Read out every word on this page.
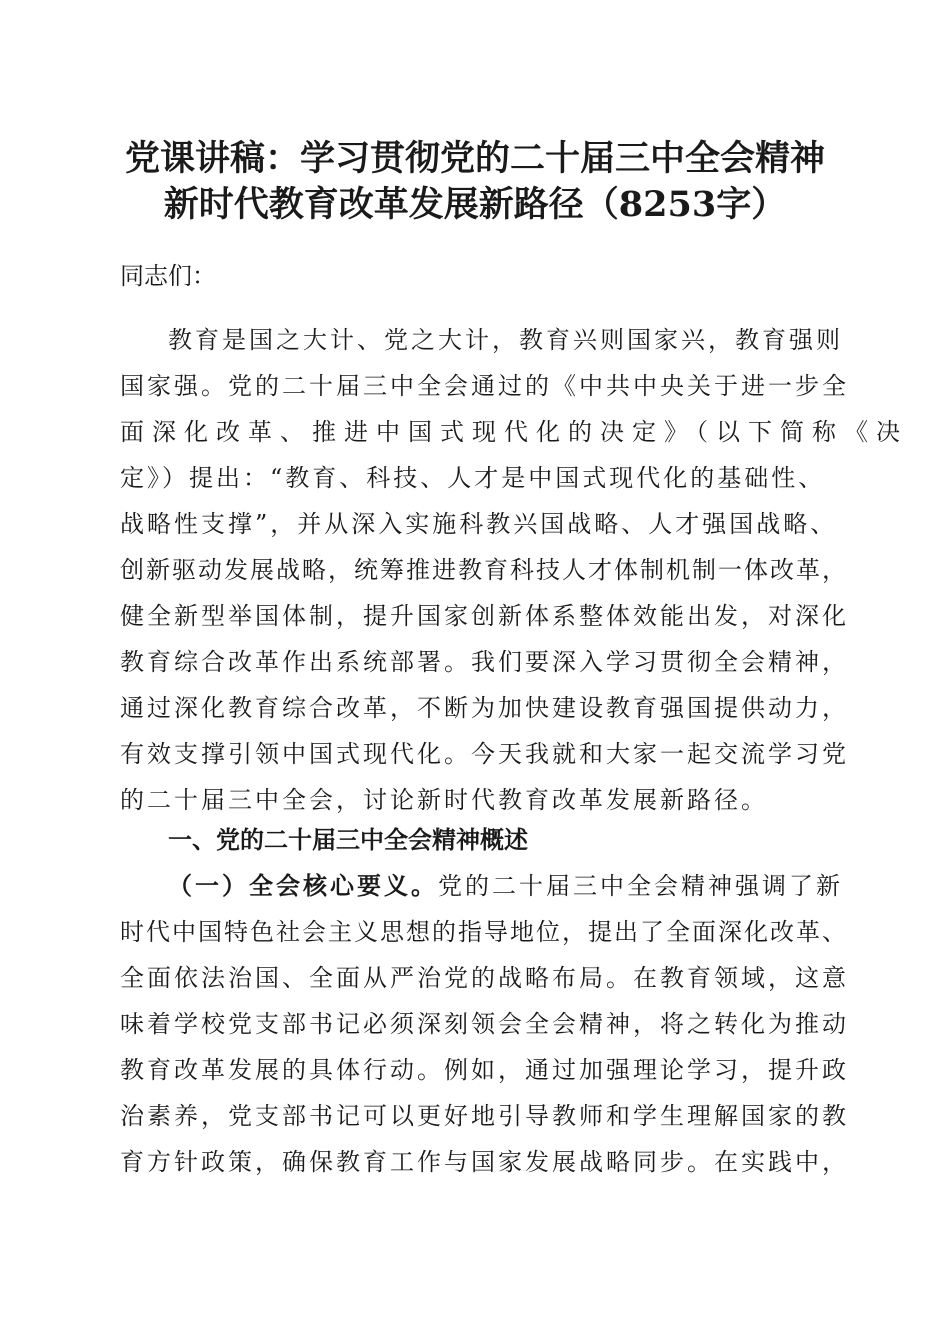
党课讲稿：学习贯彻党的二十届三中全会精神
新时代教育改革发展新路径（8253字）
同志们：
教育是国之大计、党之大计，教育兴则国家兴，教育强则
国家强。党的二十届三中全会通过的《中共中央关于进一步全
面深化改革、推进中国式现代化的决定》（以下简称《决
定》）提出：“教育、科技、人才是中国式现代化的基础性、
战略性支撑”，并从深入实施科教兴国战略、人才强国战略、
创新驱动发展战略，统筹推进教育科技人才体制机制一体改革，
健全新型举国体制，提升国家创新体系整体效能出发，对深化
教育综合改革作出系统部署。我们要深入学习贯彻全会精神，
通过深化教育综合改革，不断为加快建设教育强国提供动力，
有效支撑引领中国式现代化。今天我就和大家一起交流学习党
的二十届三中全会，讨论新时代教育改革发展新路径。
一、党的二十届三中全会精神概述
（一）全会核心要义。党的二十届三中全会精神强调了新
时代中国特色社会主义思想的指导地位，提出了全面深化改革、
全面依法治国、全面从严治党的战略布局。在教育领域，这意
味着学校党支部书记必须深刻领会全会精神，将之转化为推动
教育改革发展的具体行动。例如，通过加强理论学习，提升政
治素养，党支部书记可以更好地引导教师和学生理解国家的教
育方针政策，确保教育工作与国家发展战略同步。在实践中，
